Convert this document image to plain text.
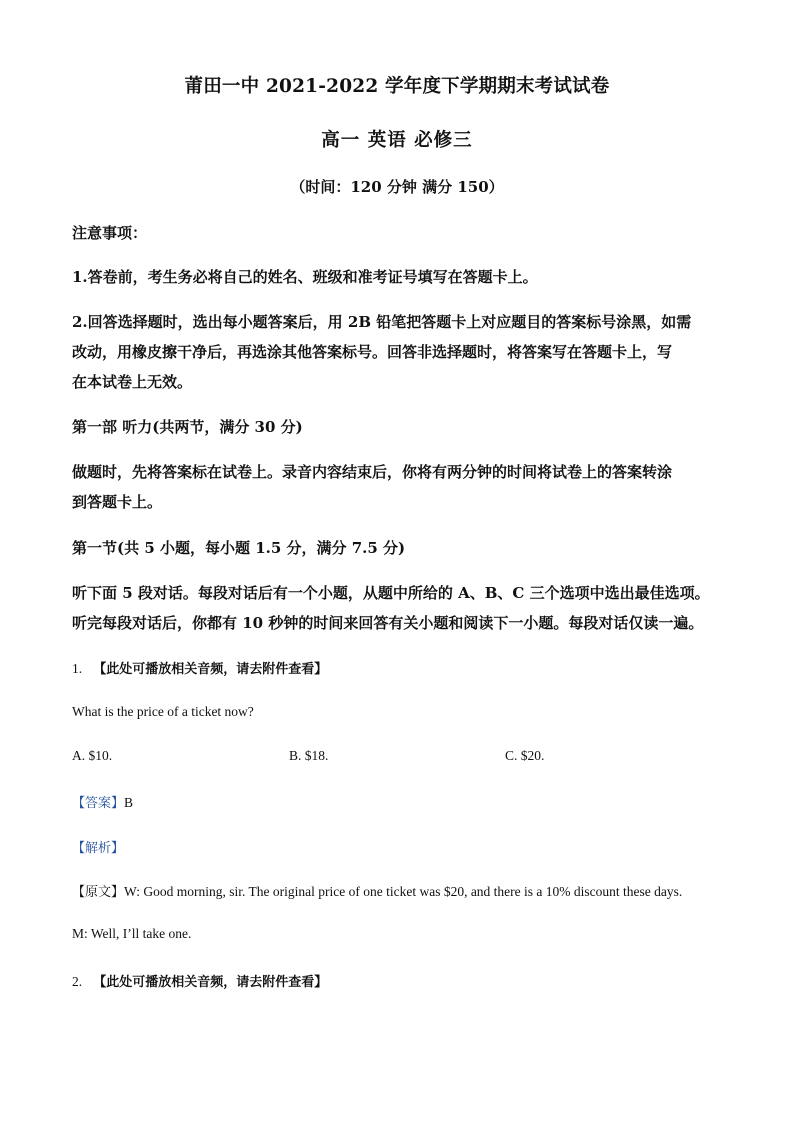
莆田一中 2021-2022 学年度下学期期末考试试卷
高一 英语 必修三
（时间：120 分钟 满分 150）
注意事项：
1.答卷前，考生务必将自己的姓名、班级和准考证号填写在答题卡上。
2.回答选择题时，选出每小题答案后，用 2B 铅笔把答题卡上对应题目的答案标号涂黑，如需
改动，用橡皮擦干净后，再选涂其他答案标号。回答非选择题时，将答案写在答题卡上，写
在本试卷上无效。
第一部 听力(共两节，满分 30 分)
做题时，先将答案标在试卷上。录音内容结束后，你将有两分钟的时间将试卷上的答案转涂
到答题卡上。
第一节(共 5 小题，每小题 1.5 分，满分 7.5 分)
听下面 5 段对话。每段对话后有一个小题，从题中所给的 A、B、C 三个选项中选出最佳选项。
听完每段对话后，你都有 10 秒钟的时间来回答有关小题和阅读下一小题。每段对话仅读一遍。
1. 【此处可播放相关音频，请去附件查看】
What is the price of a ticket now?
A. $10.	B. $18.	C. $20.
【答案】B
【解析】
【原文】W: Good morning, sir. The original price of one ticket was $20, and there is a 10% discount these days.
M: Well, I’ll take one.
2. 【此处可播放相关音频，请去附件查看】
